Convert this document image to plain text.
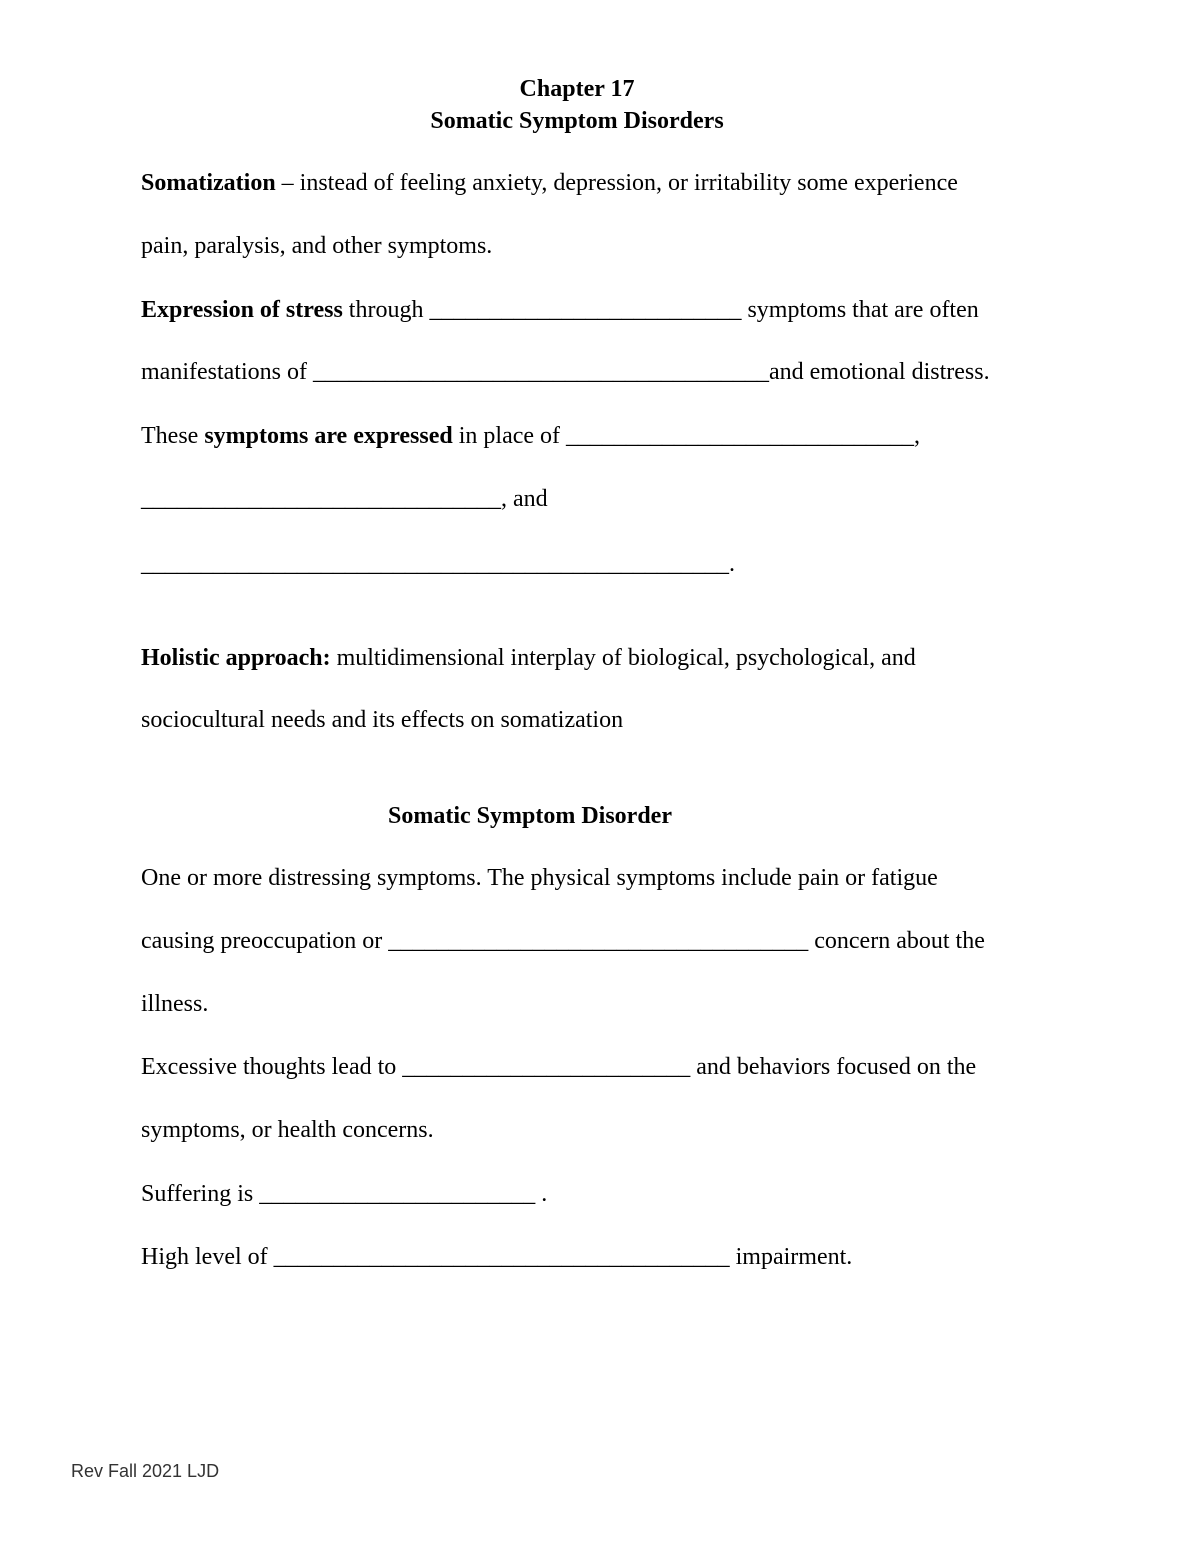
Chapter 17
Somatic Symptom Disorders
Somatization – instead of feeling anxiety, depression, or irritability some experience
pain, paralysis, and other symptoms.
Expression of stress through __________________________ symptoms that are often
manifestations of ______________________________________and emotional distress.
These symptoms are expressed in place of _____________________________,
______________________________, and
_________________________________________________.
Holistic approach: multidimensional interplay of biological, psychological, and
sociocultural needs and its effects on somatization
Somatic Symptom Disorder
One or more distressing symptoms. The physical symptoms include pain or fatigue
causing preoccupation or ___________________________________ concern about the
illness.
Excessive thoughts lead to ________________________ and behaviors focused on the
symptoms, or health concerns.
Suffering is _______________________ .
High level of ______________________________________ impairment.
Rev Fall 2021 LJD
